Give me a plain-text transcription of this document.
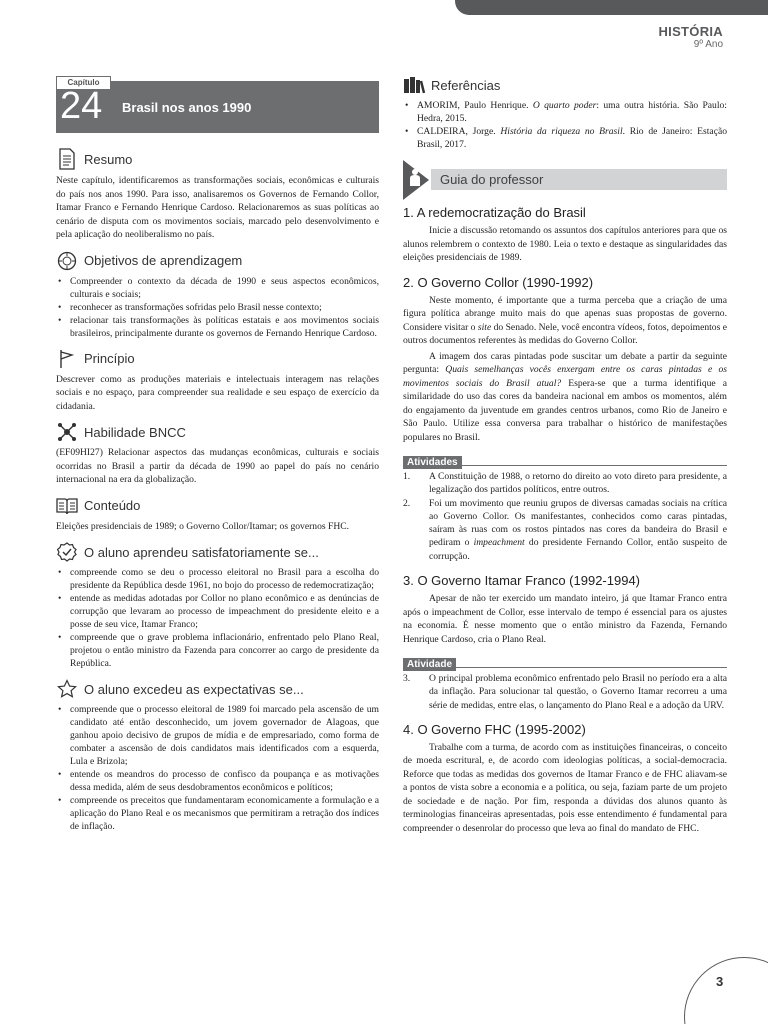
HISTÓRIA
9º Ano
Capítulo
24 Brasil nos anos 1990
Resumo

Neste capítulo, identificaremos as transformações sociais, econômicas e culturais do país nos anos 1990. Para isso, analisaremos os Governos de Fernando Collor, Itamar Franco e Fernando Henrique Cardoso. Relacionaremos as suas políticas ao cenário de disputa com os movimentos sociais, marcado pelo desenvolvimento e pela aplicação do neoliberalismo no país.

Objetivos de aprendizagem
• Compreender o contexto da década de 1990 e seus aspectos econômicos, culturais e sociais;
• reconhecer as transformações sofridas pelo Brasil nesse contexto;
• relacionar tais transformações às políticas estatais e aos movimentos sociais brasileiros, principalmente durante os governos de Fernando Henrique Cardoso.
Princípio

Descrever como as produções materiais e intelectuais interagem nas relações sociais e no espaço, para compreender sua realidade e seu espaço de exercício da cidadania.

Habilidade BNCC

(EF09HI27) Relacionar aspectos das mudanças econômicas, culturais e sociais ocorridas no Brasil a partir da década de 1990 ao papel do país no cenário internacional na era da globalização.

Conteúdo

Eleições presidenciais de 1989; o Governo Collor/Itamar; os governos FHC.

O aluno aprendeu satisfatoriamente se...
• compreende como se deu o processo eleitoral no Brasil para a escolha do presidente da República desde 1961, no bojo do processo de redemocratização;
• entende as medidas adotadas por Collor no plano econômico e as denúncias de corrupção que levaram ao processo de impeachment do presidente eleito e a posse de seu vice, Itamar Franco;
• compreende que o grave problema inflacionário, enfrentado pelo Plano Real, projetou o então ministro da Fazenda para concorrer ao cargo de presidente da República.
O aluno excedeu as expectativas se...
• compreende que o processo eleitoral de 1989 foi marcado pela ascensão de um candidato até então desconhecido, um jovem governador de Alagoas, que ganhou apoio decisivo de grupos de mídia e de empresariado, como forma de combater a ascensão de dois candidatos mais identificados com a esquerda, Lula e Brizola;
• entende os meandros do processo de confisco da poupança e as motivações dessa medida, além de seus desdobramentos econômicos e políticos;
• compreende os preceitos que fundamentaram economicamente a formulação e a aplicação do Plano Real e os mecanismos que permitiram a retração dos índices de inflação.
Referências
• AMORIM, Paulo Henrique. O quarto poder: uma outra história. São Paulo: Hedra, 2015.
• CALDEIRA, Jorge. História da riqueza no Brasil. Rio de Janeiro: Estação Brasil, 2017.
Guia do professor
1. A redemocratização do Brasil

Inicie a discussão retomando os assuntos dos capítulos anteriores para que os alunos relembrem o contexto de 1980. Leia o texto e destaque as singularidades das eleições presidenciais de 1989.

2. O Governo Collor (1990-1992)

Neste momento, é importante que a turma perceba que a criação de uma figura política abrange muito mais do que apenas suas propostas de governo. Considere visitar o site do Senado. Nele, você encontra vídeos, fotos, depoimentos e outros documentos referentes às medidas do Governo Collor.

A imagem dos caras pintadas pode suscitar um debate a partir da seguinte pergunta: Quais semelhanças vocês enxergam entre os caras pintadas e os movimentos sociais do Brasil atual? Espera-se que a turma identifique a similaridade do uso das cores da bandeira nacional em ambos os momentos, além do engajamento da juventude em grandes centros urbanos, como Rio de Janeiro e São Paulo. Utilize essa conversa para trabalhar o histórico de manifestações populares no Brasil.

Atividades
1. A Constituição de 1988, o retorno do direito ao voto direto para presidente, a legalização dos partidos políticos, entre outros.
2. Foi um movimento que reuniu grupos de diversas camadas sociais na crítica ao Governo Collor. Os manifestantes, conhecidos como caras pintadas, saíram às ruas com os rostos pintados nas cores da bandeira do Brasil e pediram o impeachment do presidente Fernando Collor, então suspeito de corrupção.
3. O Governo Itamar Franco (1992-1994)

Apesar de não ter exercido um mandato inteiro, já que Itamar Franco entra após o impeachment de Collor, esse intervalo de tempo é essencial para os ajustes na economia. É nesse momento que o então ministro da Fazenda, Fernando Henrique Cardoso, cria o Plano Real.

Atividade
3. O principal problema econômico enfrentado pelo Brasil no período era a alta da inflação. Para solucionar tal questão, o Governo Itamar recorreu a uma série de medidas, entre elas, o lançamento do Plano Real e a adoção da URV.
4. O Governo FHC (1995-2002)

Trabalhe com a turma, de acordo com as instituições financeiras, o conceito de moeda escritural, e, de acordo com ideologias políticas, a social-democracia. Reforce que todas as medidas dos governos de Itamar Franco e de FHC aliavam-se a pontos de vista sobre a economia e a política, ou seja, faziam parte de um projeto de sociedade e de nação. Por fim, responda a dúvidas dos alunos quanto às terminologias financeiras apresentadas, pois esse entendimento é fundamental para compreender o desenrolar do processo que leva ao final do mandato de FHC.

3
